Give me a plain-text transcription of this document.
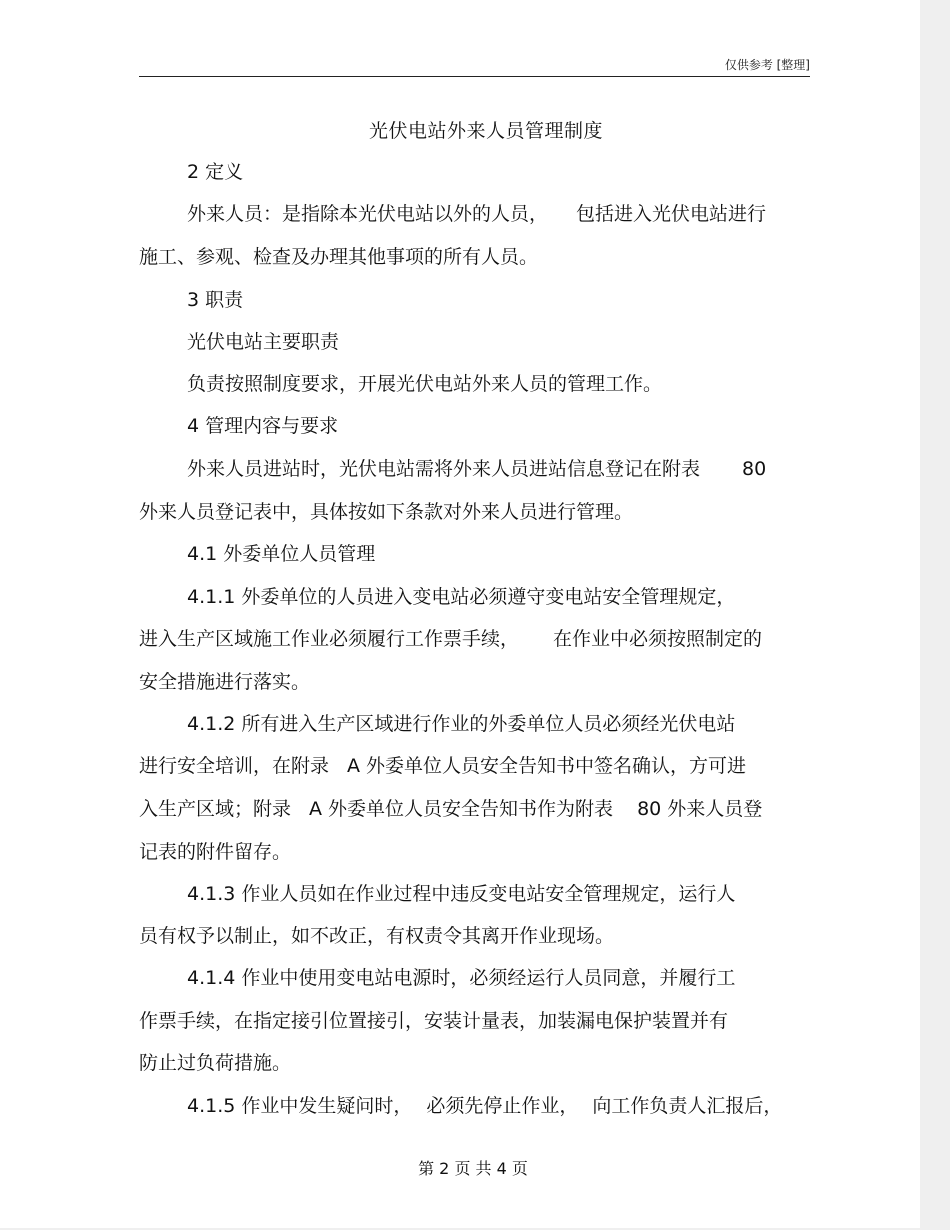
仅供参考 [整理]
光伏电站外来人员管理制度
2 定义
外来人员：是指除本光伏电站以外的人员， 包括进入光伏电站进行
施工、参观、检查及办理其他事项的所有人员。
3 职责
光伏电站主要职责
负责按照制度要求，开展光伏电站外来人员的管理工作。
4 管理内容与要求
外来人员进站时，光伏电站需将外来人员进站信息登记在附表 80
外来人员登记表中，具体按如下条款对外来人员进行管理。
4.1 外委单位人员管理
4.1.1 外委单位的人员进入变电站必须遵守变电站安全管理规定，
进入生产区域施工作业必须履行工作票手续， 在作业中必须按照制定的
安全措施进行落实。
4.1.2 所有进入生产区域进行作业的外委单位人员必须经光伏电站
进行安全培训，在附录 A 外委单位人员安全告知书中签名确认，方可进
入生产区域；附录 A 外委单位人员安全告知书作为附表 80 外来人员登
记表的附件留存。
4.1.3 作业人员如在作业过程中违反变电站安全管理规定，运行人
员有权予以制止，如不改正，有权责令其离开作业现场。
4.1.4 作业中使用变电站电源时，必须经运行人员同意，并履行工
作票手续，在指定接引位置接引，安装计量表，加装漏电保护装置并有
防止过负荷措施。
4.1.5 作业中发生疑问时， 必须先停止作业， 向工作负责人汇报后，
第 2 页 共 4 页
